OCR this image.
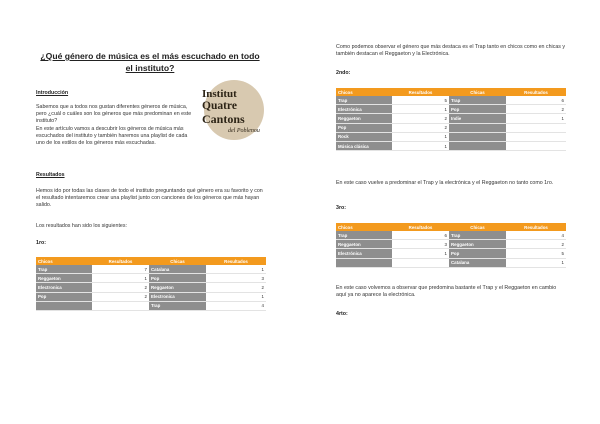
¿Qué género de música es el más escuchado en todo el instituto?
Introducción
Sabemos que a todos nos gustan diferentes géneros de música, pero ¿cuál o cuáles son los géneros que más predominan en este instituto?
En este artículo vamos a descubrir los géneros de música más escuchados del instituto y también haremos una playlist de cada uno de los estilos de los géneros más escuchadas.
Institut
Quatre
Cantons
del Poblenou
Resultados
Hemos ido por todas las clases de todo el instituto preguntando qué género era su favorito y con el resultado intentaremos crear una playlist junto con canciones de los géneros que más hayan salido.
Los resultados han sido los siguientes:
1ro:
Chicos	Resultados	Chicas	Resultados
Trap	7	Catalana	1
Reggaeton	1	Pop	3
Electronica	2	Reggaeton	2
Pop	2	Electronica	1
		Trap	4
Como podemos observar el género que más destaca es el Trap tanto en chicos como en chicas y también destacan el Reggaeton y la Electrónica.
2ndo:
Chicos	Resultados	Chicas	Resultados
Trap	5	Trap	6
Electrónica	1	Pop	2
Reggaeton	2	Indie	1
Pop	2		
Rock	1		
Música clásica	1		
En este caso vuelve a predominar el Trap y la electrónica y el Reggaeton no tanto como 1ro.
3ro:
Chicos	Resultados	Chicas	Resultados
Trap	6	Trap	4
Reggaeton	3	Reggaeton	2
Electrónica	1	Pop	5
		Catalana	1
En este caso volvemos a observar que predomina bastante el Trap y el Reggaeton en cambio aquí ya no aparece la electrónica.
4rto:
